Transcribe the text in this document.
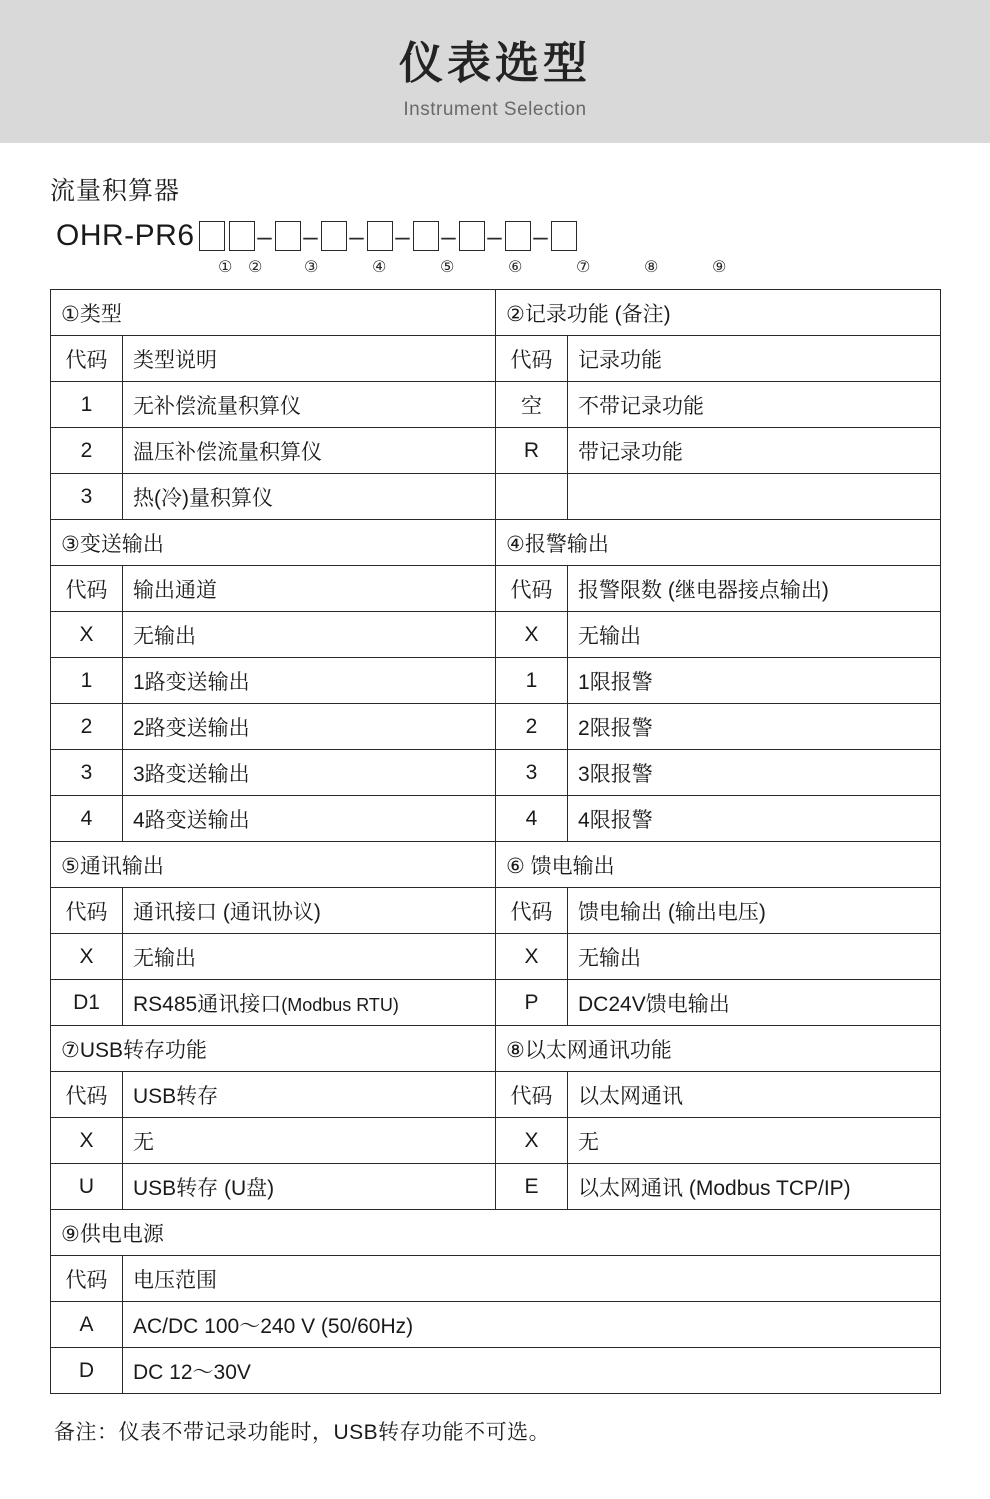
仪表选型
Instrument Selection
流量积算器
OHR-PR6 – – – – – – –
① ②	③	④	⑤	⑥	⑦	⑧	⑨
①类型		②记录功能 (备注)	
代码	类型说明	代码	记录功能
1	无补偿流量积算仪	空	不带记录功能
2	温压补偿流量积算仪	R	带记录功能
3	热(冷)量积算仪		
③变送输出		④报警输出	
代码	输出通道	代码	报警限数 (继电器接点输出)
X	无输出	X	无输出
1	1路变送输出	1	1限报警
2	2路变送输出	2	2限报警
3	3路变送输出	3	3限报警
4	4路变送输出	4	4限报警
⑤通讯输出		⑥ 馈电输出	
代码	通讯接口 (通讯协议)	代码	馈电输出 (输出电压)
X	无输出	X	无输出
D1	RS485通讯接口(Modbus RTU)	P	DC24V馈电输出
⑦USB转存功能		⑧以太网通讯功能	
代码	USB转存	代码	以太网通讯
X	无	X	无
U	USB转存 (U盘)	E	以太网通讯 (Modbus TCP/IP)
⑨供电电源			
代码	电压范围		
A	AC/DC 100～240 V (50/60Hz)		
D	DC 12～30V		
备注：仪表不带记录功能时，USB转存功能不可选。
